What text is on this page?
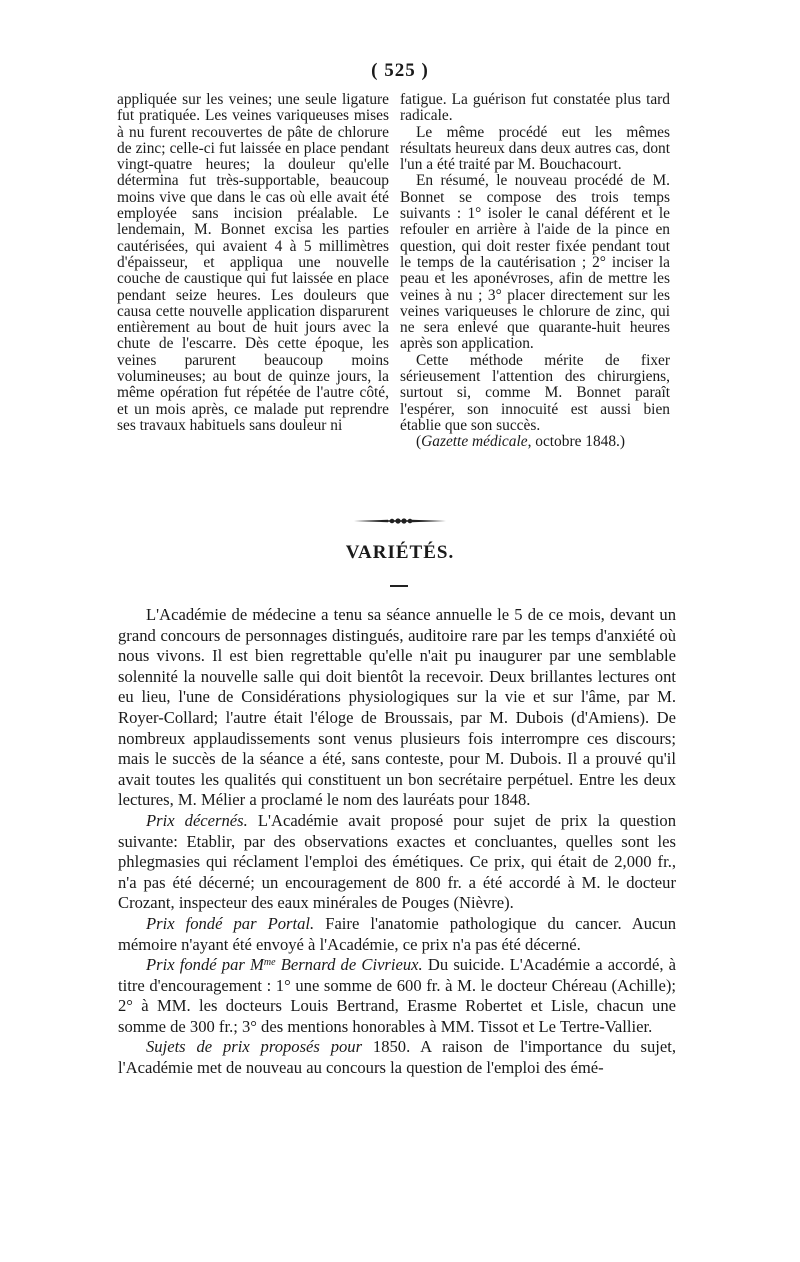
( 525 )

appliquée sur les veines; une seule ligature fut pratiquée. Les veines variqueuses mises à nu furent recouvertes de pâte de chlorure de zinc; celle-ci fut laissée en place pendant vingt-quatre heures; la douleur qu'elle détermina fut très-supportable, beaucoup moins vive que dans le cas où elle avait été employée sans incision préalable. Le lendemain, M. Bonnet excisa les parties cautérisées, qui avaient 4 à 5 millimètres d'épaisseur, et appliqua une nouvelle couche de caustique qui fut laissée en place pendant seize heures. Les douleurs que causa cette nouvelle application disparurent entièrement au bout de huit jours avec la chute de l'escarre. Dès cette époque, les veines parurent beaucoup moins volumineuses; au bout de quinze jours, la même opération fut répétée de l'autre côté, et un mois après, ce malade put reprendre ses travaux habituels sans douleur ni

fatigue. La guérison fut constatée plus tard radicale.

Le même procédé eut les mêmes résultats heureux dans deux autres cas, dont l'un a été traité par M. Bouchacourt.

En résumé, le nouveau procédé de M. Bonnet se compose des trois temps suivants : 1° isoler le canal déférent et le refouler en arrière à l'aide de la pince en question, qui doit rester fixée pendant tout le temps de la cautérisation ; 2° inciser la peau et les aponévroses, afin de mettre les veines à nu ; 3° placer directement sur les veines variqueuses le chlorure de zinc, qui ne sera enlevé que quarante-huit heures après son application.

Cette méthode mérite de fixer sérieusement l'attention des chirurgiens, surtout si, comme M. Bonnet paraît l'espérer, son innocuité est aussi bien établie que son succès.

(Gazette médicale, octobre 1848.)

VARIÉTÉS.

L'Académie de médecine a tenu sa séance annuelle le 5 de ce mois, devant un grand concours de personnages distingués, auditoire rare par les temps d'anxiété où nous vivons. Il est bien regrettable qu'elle n'ait pu inaugurer par une semblable solennité la nouvelle salle qui doit bientôt la recevoir. Deux brillantes lectures ont eu lieu, l'une de Considérations physiologiques sur la vie et sur l'âme, par M. Royer-Collard; l'autre était l'éloge de Broussais, par M. Dubois (d'Amiens). De nombreux applaudissements sont venus plusieurs fois interrompre ces discours; mais le succès de la séance a été, sans conteste, pour M. Dubois. Il a prouvé qu'il avait toutes les qualités qui constituent un bon secrétaire perpétuel. Entre les deux lectures, M. Mélier a proclamé le nom des lauréats pour 1848.

Prix décernés. L'Académie avait proposé pour sujet de prix la question suivante: Etablir, par des observations exactes et concluantes, quelles sont les phlegmasies qui réclament l'emploi des émétiques. Ce prix, qui était de 2,000 fr., n'a pas été décerné; un encouragement de 800 fr. a été accordé à M. le docteur Crozant, inspecteur des eaux minérales de Pouges (Nièvre).

Prix fondé par Portal. Faire l'anatomie pathologique du cancer. Aucun mémoire n'ayant été envoyé à l'Académie, ce prix n'a pas été décerné.

Prix fondé par $M^{me}$ Bernard de Civrieux. Du suicide. L'Académie a accordé, à titre d'encouragement : 1° une somme de 600 fr. à M. le docteur Chéreau (Achille); 2° à MM. les docteurs Louis Bertrand, Erasme Robertet et Lisle, chacun une somme de 300 fr.; 3° des mentions honorables à MM. Tissot et Le Tertre-Vallier.

Sujets de prix proposés pour 1850. A raison de l'importance du sujet, l'Académie met de nouveau au concours la question de l'emploi des émé-
